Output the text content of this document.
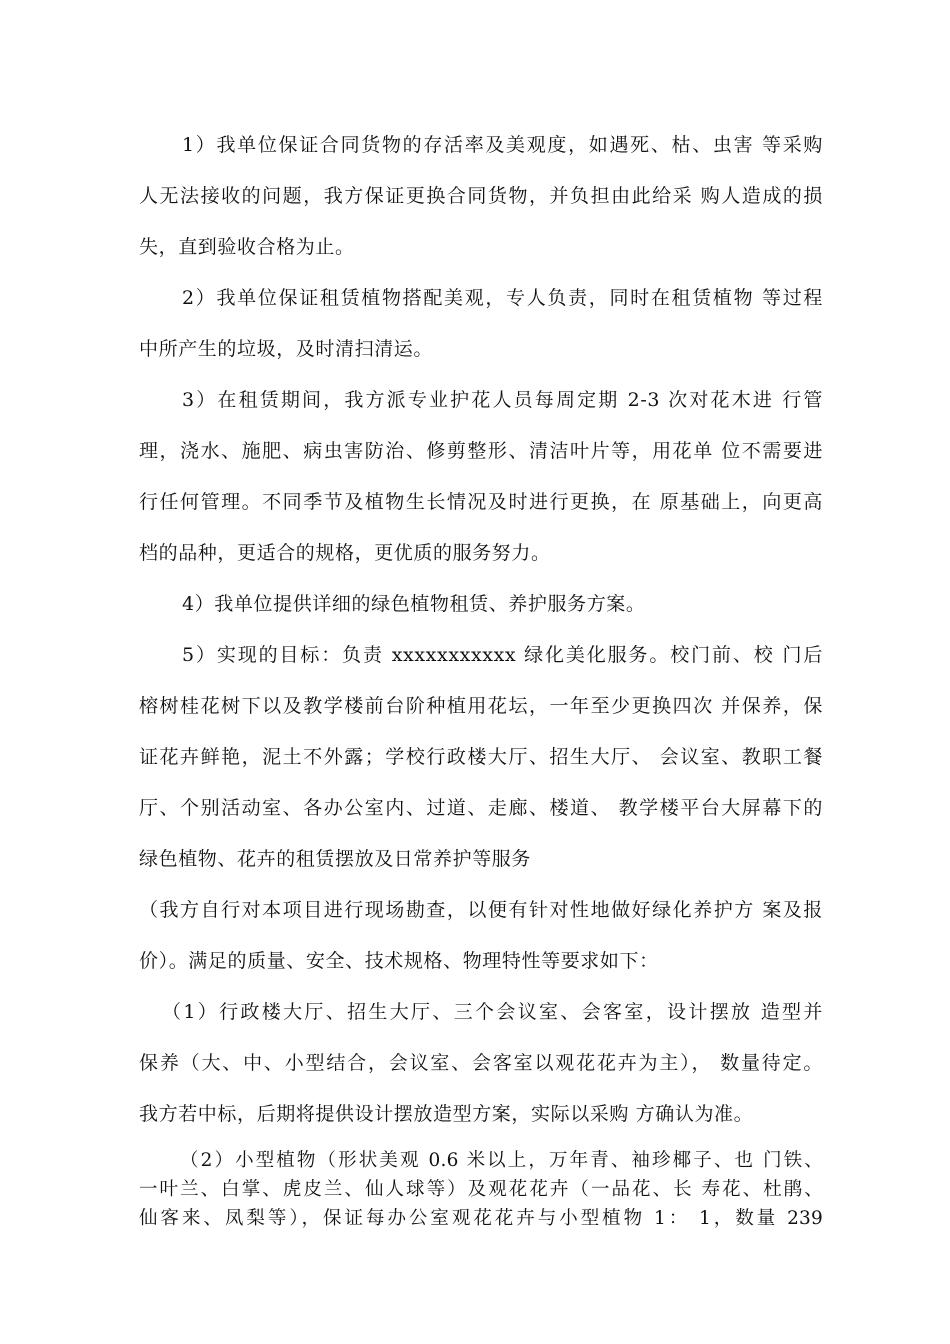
1）我单位保证合同货物的存活率及美观度，如遇死、枯、虫害 等采购
人无法接收的问题，我方保证更换合同货物，并负担由此给采 购人造成的损
失，直到验收合格为止。
2）我单位保证租赁植物搭配美观，专人负责，同时在租赁植物 等过程
中所产生的垃圾，及时清扫清运。
3）在租赁期间，我方派专业护花人员每周定期 2-3 次对花木进 行管
理，浇水、施肥、病虫害防治、修剪整形、清洁叶片等，用花单 位不需要进
行任何管理。不同季节及植物生长情况及时进行更换，在 原基础上，向更高
档的品种，更适合的规格，更优质的服务努力。
4）我单位提供详细的绿色植物租赁、养护服务方案。
5）实现的目标：负责 xxxxxxxxxxx 绿化美化服务。校门前、校 门后
榕树桂花树下以及教学楼前台阶种植用花坛，一年至少更换四次 并保养，保
证花卉鲜艳，泥土不外露；学校行政楼大厅、招生大厅、 会议室、教职工餐
厅、个别活动室、各办公室内、过道、走廊、楼道、 教学楼平台大屏幕下的
绿色植物、花卉的租赁摆放及日常养护等服务
（我方自行对本项目进行现场勘查，以便有针对性地做好绿化养护方 案及报
价）。满足的质量、安全、技术规格、物理特性等要求如下：
（1）行政楼大厅、招生大厅、三个会议室、会客室，设计摆放 造型并
保养（大、中、小型结合，会议室、会客室以观花花卉为主）， 数量待定。
我方若中标，后期将提供设计摆放造型方案，实际以采购 方确认为准。
（2）小型植物（形状美观 0.6 米以上，万年青、袖珍椰子、也 门铁、
一叶兰、白掌、虎皮兰、仙人球等）及观花花卉（一品花、长 寿花、杜鹃、
仙客来、凤梨等），保证每办公室观花花卉与小型植物 1： 1，数量 239
